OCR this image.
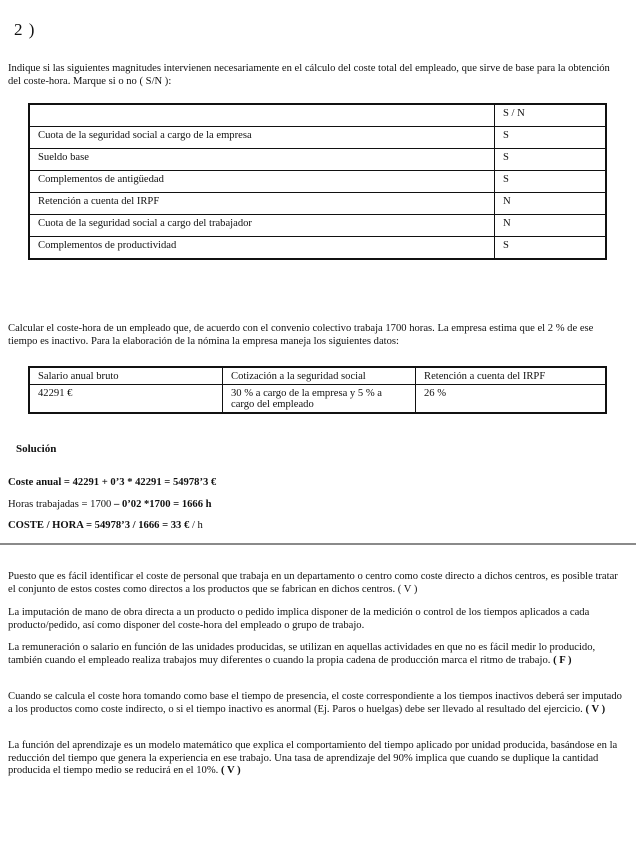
2 )
Indique si las siguientes magnitudes intervienen necesariamente en el cálculo del coste total del empleado, que sirve de base para la obtención del coste-hora. Marque si o no ( S/N ):
	S / N
Cuota de la seguridad social a cargo de la empresa	S
Sueldo base	S
Complementos de antigüedad	S
Retención a cuenta del IRPF	N
Cuota de la seguridad social a cargo del trabajador	N
Complementos de productividad	S
Calcular el coste-hora de un empleado que, de acuerdo con el convenio colectivo trabaja 1700 horas. La empresa estima que el 2 % de ese tiempo es inactivo. Para la elaboración de la nómina la empresa maneja los siguientes datos:
Salario anual bruto	Cotización a la seguridad social	Retención a cuenta del IRPF
42291 €	30 % a cargo de la empresa y 5 % a cargo del empleado	26 %
Solución
Coste anual = 42291 + 0’3 * 42291 = 54978’3 €
Horas trabajadas = 1700 – 0’02 *1700 = 1666 h
COSTE / HORA = 54978’3 / 1666 = 33 € / h
Puesto que es fácil identificar el coste de personal que trabaja en un departamento o centro como coste directo a dichos centros, es posible tratar el conjunto de estos costes como directos a los productos que se fabrican en dichos centros. ( V )
La imputación de mano de obra directa a un producto o pedido implica disponer de la medición o control de los tiempos aplicados a cada producto/pedido, así como disponer del coste-hora del empleado o grupo de trabajo.
La remuneración o salario en función de las unidades producidas, se utilizan en aquellas actividades en que no es fácil medir lo producido, también cuando el empleado realiza trabajos muy diferentes o cuando la propia cadena de producción marca el ritmo de trabajo. ( F )
Cuando se calcula el coste hora tomando como base el tiempo de presencia, el coste correspondiente a los tiempos inactivos deberá ser imputado a los productos como coste indirecto, o si el tiempo inactivo es anormal (Ej. Paros o huelgas) debe ser llevado al resultado del ejercicio. ( V )
La función del aprendizaje es un modelo matemático que explica el comportamiento del tiempo aplicado por unidad producida, basándose en la reducción del tiempo que genera la experiencia en ese trabajo. Una tasa de aprendizaje del 90% implica que cuando se duplique la cantidad producida el tiempo medio se reducirá en el 10%. ( V )
